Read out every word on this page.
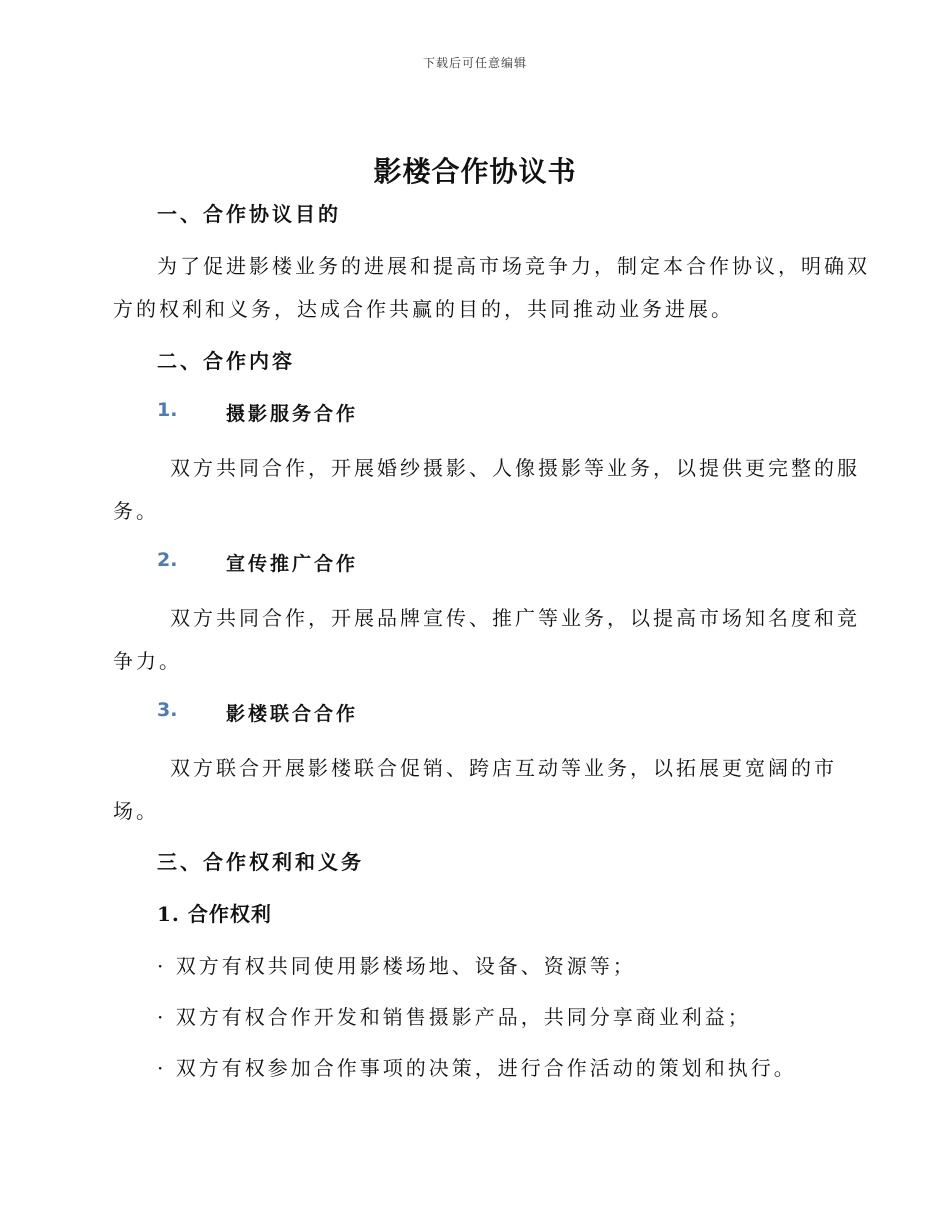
下载后可任意编辑
影楼合作协议书
一、合作协议目的
为了促进影楼业务的进展和提高市场竞争力，制定本合作协议，明确双
方的权利和义务，达成合作共赢的目的，共同推动业务进展。
二、合作内容
1.	摄影服务合作
双方共同合作，开展婚纱摄影、人像摄影等业务，以提供更完整的服
务。
2.	宣传推广合作
双方共同合作，开展品牌宣传、推广等业务，以提高市场知名度和竞
争力。
3.	影楼联合合作
双方联合开展影楼联合促销、跨店互动等业务，以拓展更宽阔的市
场。
三、合作权利和义务
1. 合作权利
· 双方有权共同使用影楼场地、设备、资源等；
· 双方有权合作开发和销售摄影产品，共同分享商业利益；
· 双方有权参加合作事项的决策，进行合作活动的策划和执行。
